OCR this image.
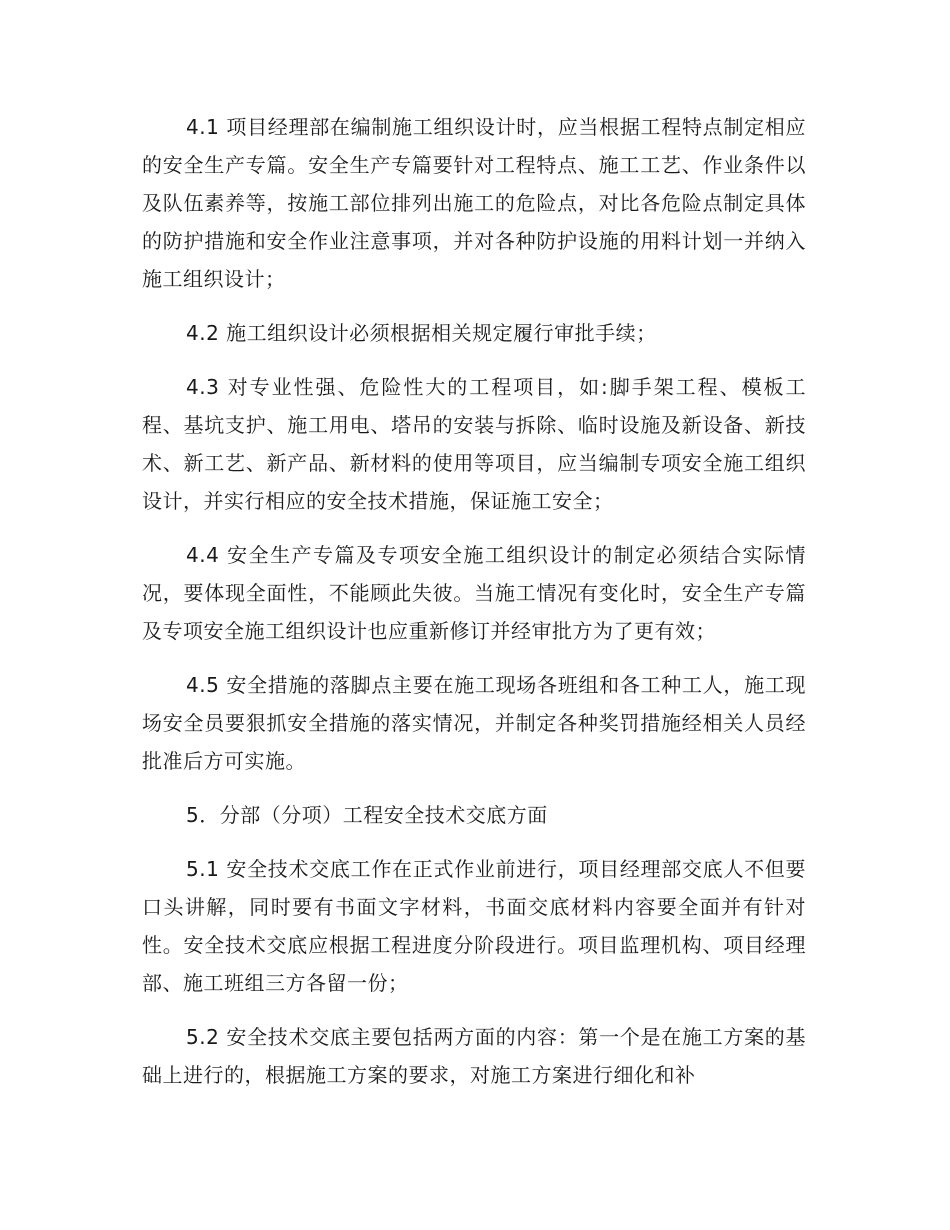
4.1 项目经理部在编制施工组织设计时，应当根据工程特点制定相应的安全生产专篇。安全生产专篇要针对工程特点、施工工艺、作业条件以及队伍素养等，按施工部位排列出施工的危险点，对比各危险点制定具体的防护措施和安全作业注意事项，并对各种防护设施的用料计划一并纳入施工组织设计；

4.2 施工组织设计必须根据相关规定履行审批手续；

4.3 对专业性强、危险性大的工程项目，如:脚手架工程、模板工程、基坑支护、施工用电、塔吊的安装与拆除、临时设施及新设备、新技术、新工艺、新产品、新材料的使用等项目，应当编制专项安全施工组织设计，并实行相应的安全技术措施，保证施工安全；

4.4 安全生产专篇及专项安全施工组织设计的制定必须结合实际情况，要体现全面性，不能顾此失彼。当施工情况有变化时，安全生产专篇及专项安全施工组织设计也应重新修订并经审批方为了更有效；

4.5 安全措施的落脚点主要在施工现场各班组和各工种工人，施工现场安全员要狠抓安全措施的落实情况，并制定各种奖罚措施经相关人员经批准后方可实施。

5．分部（分项）工程安全技术交底方面

5.1 安全技术交底工作在正式作业前进行，项目经理部交底人不但要口头讲解，同时要有书面文字材料，书面交底材料内容要全面并有针对性。安全技术交底应根据工程进度分阶段进行。项目监理机构、项目经理部、施工班组三方各留一份；

5.2 安全技术交底主要包括两方面的内容：第一个是在施工方案的基础上进行的，根据施工方案的要求，对施工方案进行细化和补
